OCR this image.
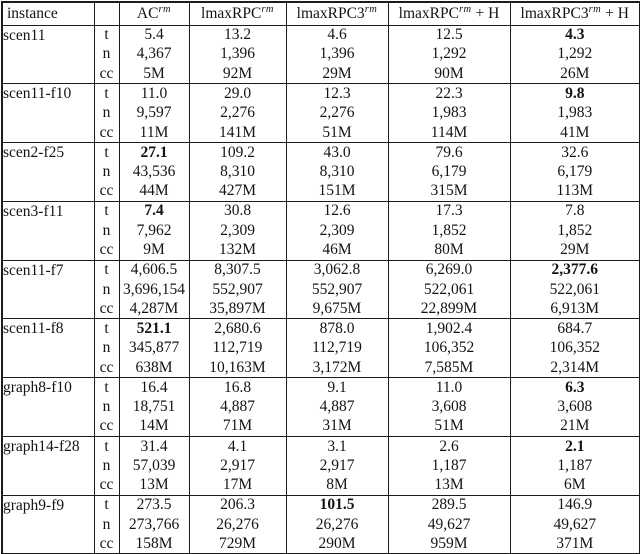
instance		$AC^{rm}$	lmaxRPC$^{rm}$	$lmaxRPC3^{rm}$	lmaxRPC$^{rm}$ + H	$lmaxRPC3^{rm} + H$
scen11	t	5.4	13.2	4.6	12.5	4.3
	n	4,367	1,396	1,396	1,292	1,292
	cc	5M	92M	29M	90M	26M
scen11-f10	t	11.0	29.0	12.3	22.3	9.8
	n	9,597	2,276	2,276	1,983	1,983
	cc	11M	141M	51M	114M	41M
scen2-f25	t	27.1	109.2	43.0	79.6	32.6
	n	43,536	8,310	8,310	6,179	6,179
	cc	44M	427M	151M	315M	113M
scen3-f11	t	7.4	30.8	12.6	17.3	7.8
	n	7,962	2,309	2,309	1,852	1,852
	cc	9M	132M	46M	80M	29M
scen11-f7	t	4,606.5	8,307.5	3,062.8	6,269.0	2,377.6
	n	3,696,154	552,907	552,907	522,061	522,061
	cc	4,287M	35,897M	9,675M	22,899M	6,913M
scen11-f8	t	521.1	2,680.6	878.0	1,902.4	684.7
	n	345,877	112,719	112,719	106,352	106,352
	cc	638M	10,163M	3,172M	7,585M	2,314M
graph8-f10	t	16.4	16.8	9.1	11.0	6.3
	n	18,751	4,887	4,887	3,608	3,608
	cc	14M	71M	31M	51M	21M
graph14-f28	t	31.4	4.1	3.1	2.6	2.1
	n	57,039	2,917	2,917	1,187	1,187
	cc	13M	17M	8M	13M	6M
graph9-f9	t	273.5	206.3	101.5	289.5	146.9
	n	273,766	26,276	26,276	49,627	49,627
	cc	158M	729M	290M	959M	371M
